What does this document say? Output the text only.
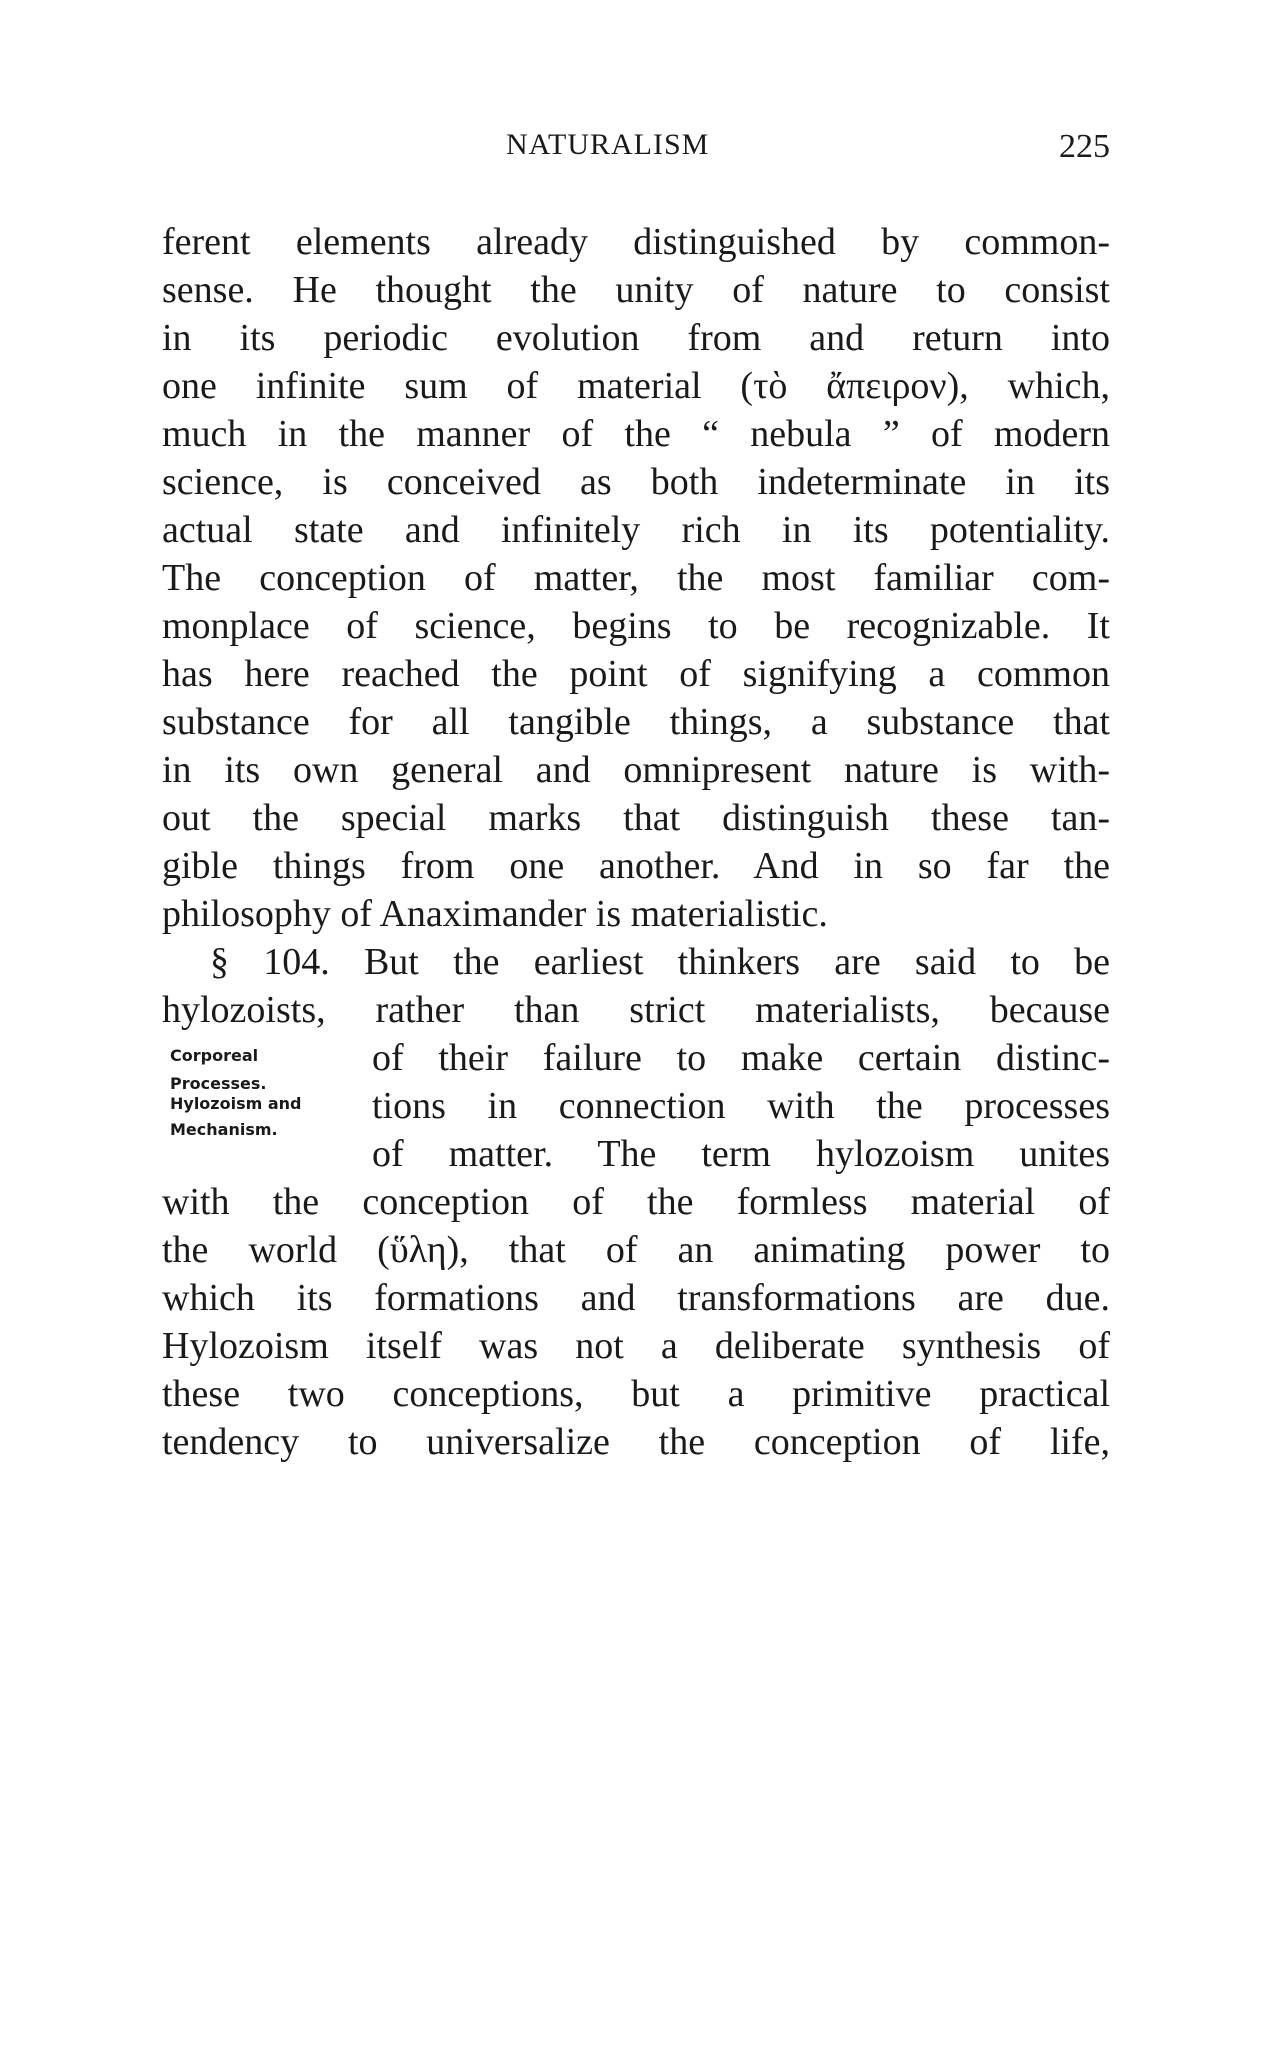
NATURALISM	225
ferent elements already distinguished by common-
sense. He thought the unity of nature to consist
in its periodic evolution from and return into
one infinite sum of material (τὸ ἄπειρον), which,
much in the manner of the “ nebula ” of modern
science, is conceived as both indeterminate in its
actual state and infinitely rich in its potentiality.
The conception of matter, the most familiar com-
monplace of science, begins to be recognizable. It
has here reached the point of signifying a common
substance for all tangible things, a substance that
in its own general and omnipresent nature is with-
out the special marks that distinguish these tan-
gible things from one another. And in so far the
philosophy of Anaximander is materialistic.
§ 104. But the earliest thinkers are said to be
hylozoists, rather than strict materialists, because
Corporeal
Processes.
Hylozoism and
Mechanism.
of their failure to make certain distinc-
tions in connection with the processes
of matter. The term hylozoism unites
with the conception of the formless material of
the world (ὕλη), that of an animating power to
which its formations and transformations are due.
Hylozoism itself was not a deliberate synthesis of
these two conceptions, but a primitive practical
tendency to universalize the conception of life,
